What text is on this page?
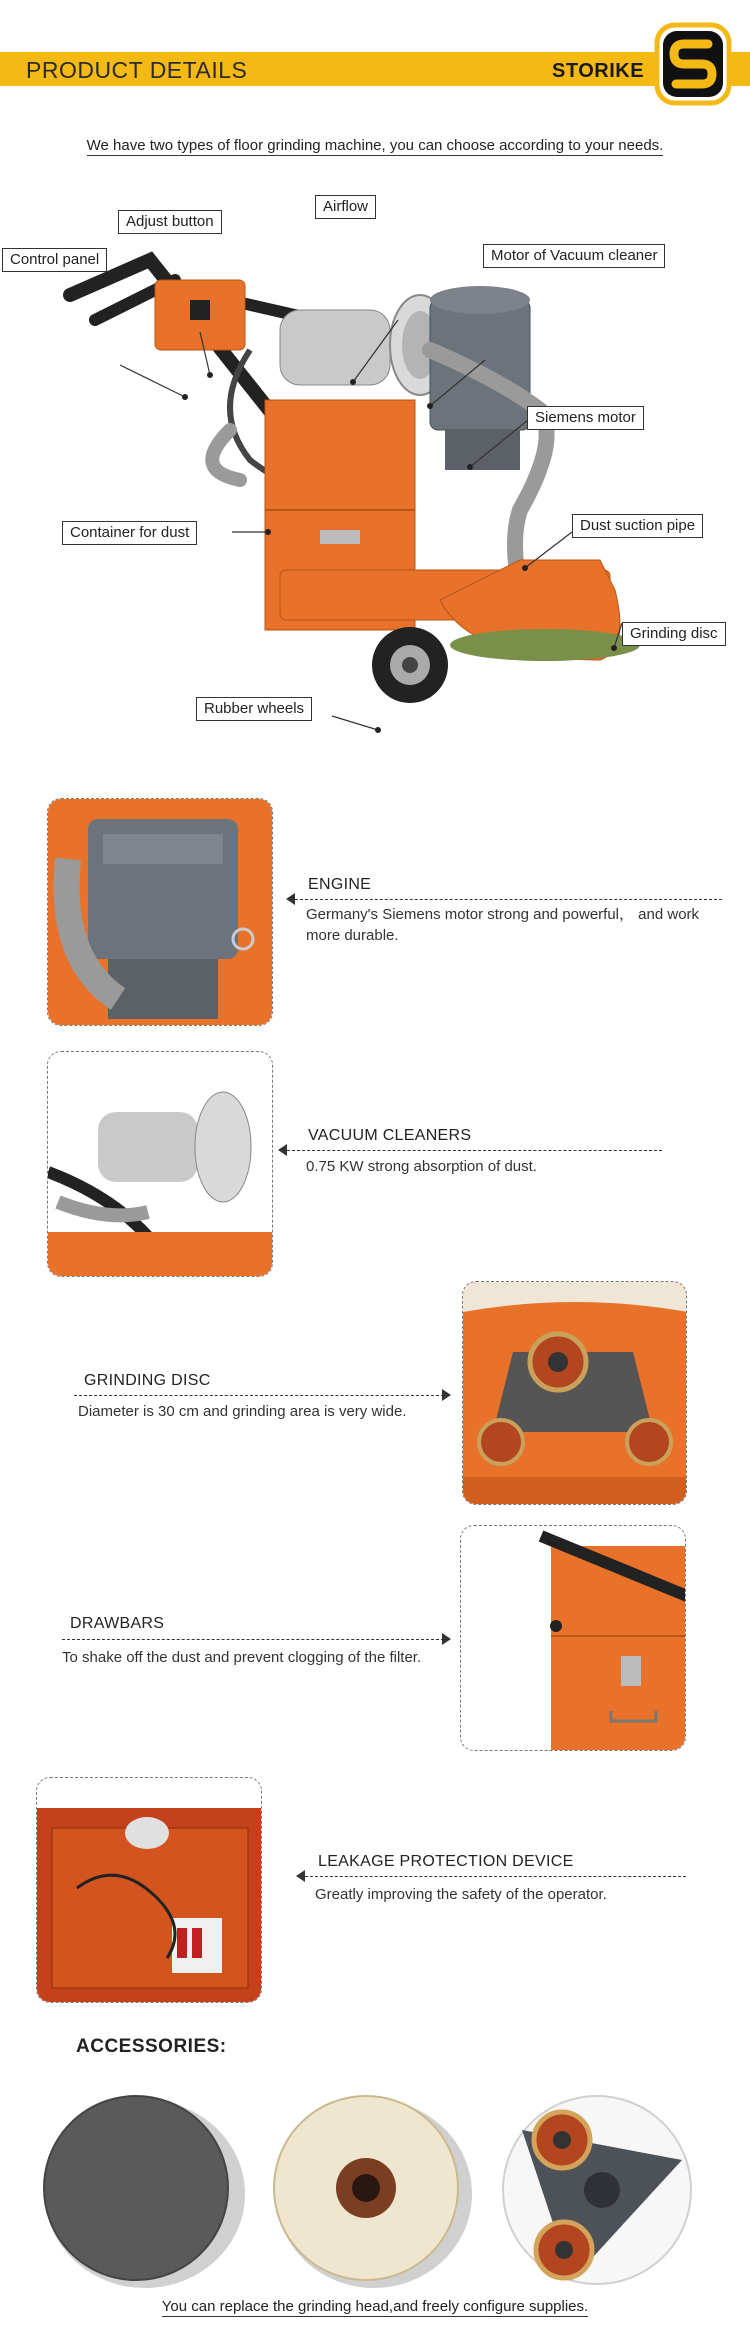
PRODUCT DETAILS	STORIKE
We have two types of floor grinding machine, you can choose according to your needs.
Airflow
Adjust button
Control panel	Motor of Vacuum cleaner
Siemens motor
Container for dust	Dust suction pipe
Grinding disc
Rubber wheels
ENGINE
Germany's Siemens motor strong and powerful， and work more durable.
VACUUM CLEANERS
0.75 KW strong absorption of dust.
GRINDING DISC
Diameter is 30 cm and grinding area is very wide.
DRAWBARS
To shake off the dust and prevent clogging of the filter.
LEAKAGE PROTECTION DEVICE
Greatly improving the safety of the operator.
ACCESSORIES:
You can replace the grinding head,and freely configure supplies.
